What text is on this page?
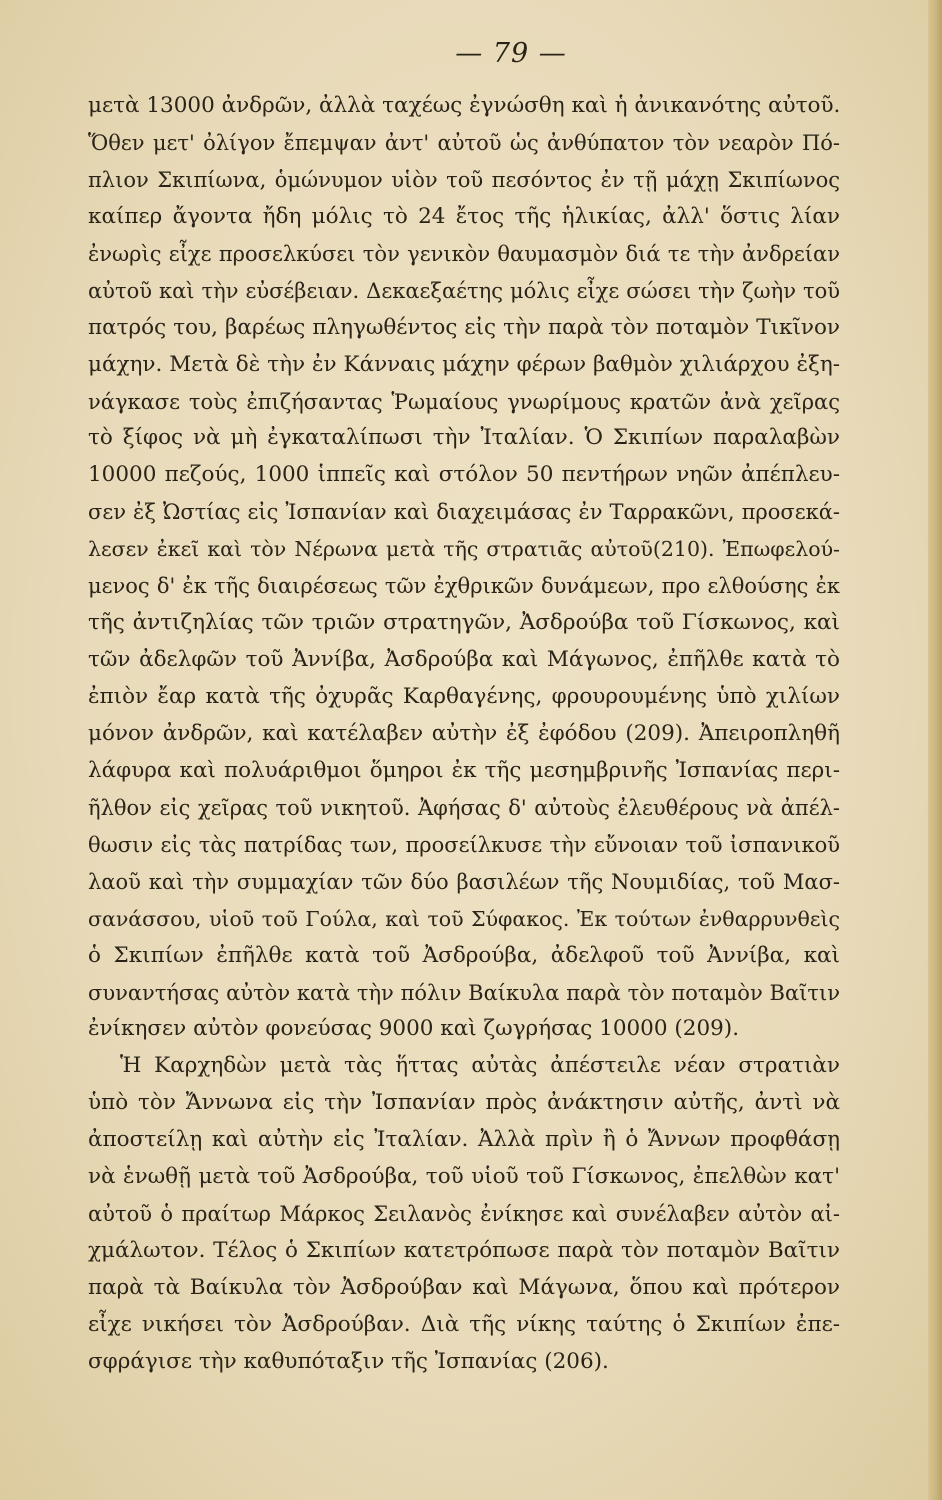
— 79 —
μετὰ 13000 ἀνδρῶν, ἀλλὰ ταχέως ἐγνώσθη καὶ ἡ ἀνικανότης αὐτοῦ.
Ὅθεν μετ' ὀλίγον ἔπεμψαν ἀντ' αὐτοῦ ὡς ἀνθύπατον τὸν νεαρὸν Πό-
πλιον Σκιπίωνα, ὁμώνυμον υἱὸν τοῦ πεσόντος ἐν τῇ μάχῃ Σκιπίωνος
καίπερ ἄγοντα ἤδη μόλις τὸ 24 ἔτος τῆς ἡλικίας, ἀλλ' ὅστις λίαν
ἐνωρὶς εἶχε προσελκύσει τὸν γενικὸν θαυμασμὸν διά τε τὴν ἀνδρείαν
αὐτοῦ καὶ τὴν εὐσέβειαν. Δεκαεξαέτης μόλις εἶχε σώσει τὴν ζωὴν τοῦ
πατρός του, βαρέως πληγωθέντος εἰς τὴν παρὰ τὸν ποταμὸν Τικῖνον
μάχην. Μετὰ δὲ τὴν ἐν Κάνναις μάχην φέρων βαθμὸν χιλιάρχου ἐξη-
νάγκασε τοὺς ἐπιζήσαντας Ῥωμαίους γνωρίμους κρατῶν ἀνὰ χεῖρας
τὸ ξίφος νὰ μὴ ἐγκαταλίπωσι τὴν Ἰταλίαν. Ὁ Σκιπίων παραλαβὼν
10000 πεζούς, 1000 ἱππεῖς καὶ στόλον 50 πεντήρων νηῶν ἀπέπλευ-
σεν ἐξ Ὠστίας εἰς Ἰσπανίαν καὶ διαχειμάσας ἐν Ταρρακῶνι, προσεκά-
λεσεν ἐκεῖ καὶ τὸν Νέρωνα μετὰ τῆς στρατιᾶς αὐτοῦ(210). Ἐπωφελού-
μενος δ' ἐκ τῆς διαιρέσεως τῶν ἐχθρικῶν δυνάμεων, προ ελθούσης ἐκ
τῆς ἀντιζηλίας τῶν τριῶν στρατηγῶν, Ἀσδρούβα τοῦ Γίσκωνος, καὶ
τῶν ἀδελφῶν τοῦ Ἀννίβα, Ἀσδρούβα καὶ Μάγωνος, ἐπῆλθε κατὰ τὸ
ἐπιὸν ἔαρ κατὰ τῆς ὀχυρᾶς Καρθαγένης, φρουρουμένης ὑπὸ χιλίων
μόνον ἀνδρῶν, καὶ κατέλαβεν αὐτὴν ἐξ ἐφόδου (209). Ἀπειροπληθῆ
λάφυρα καὶ πολυάριθμοι ὅμηροι ἐκ τῆς μεσημβρινῆς Ἰσπανίας περι-
ῆλθον εἰς χεῖρας τοῦ νικητοῦ. Ἀφήσας δ' αὐτοὺς ἐλευθέρους νὰ ἀπέλ-
θωσιν εἰς τὰς πατρίδας των, προσείλκυσε τὴν εὔνοιαν τοῦ ἰσπανικοῦ
λαοῦ καὶ τὴν συμμαχίαν τῶν δύο βασιλέων τῆς Νουμιδίας, τοῦ Μασ-
σανάσσου, υἱοῦ τοῦ Γούλα, καὶ τοῦ Σύφακος. Ἐκ τούτων ἐνθαρρυνθεὶς
ὁ Σκιπίων ἐπῆλθε κατὰ τοῦ Ἀσδρούβα, ἀδελφοῦ τοῦ Ἀννίβα, καὶ
συναντήσας αὐτὸν κατὰ τὴν πόλιν Βαίκυλα παρὰ τὸν ποταμὸν Βαῖτιν
ἐνίκησεν αὐτὸν φονεύσας 9000 καὶ ζωγρήσας 10000 (209).
Ἡ Καρχηδὼν μετὰ τὰς ἥττας αὐτὰς ἀπέστειλε νέαν στρατιὰν
ὑπὸ τὸν Ἄννωνα εἰς τὴν Ἰσπανίαν πρὸς ἀνάκτησιν αὐτῆς, ἀντὶ νὰ
ἀποστείλῃ καὶ αὐτὴν εἰς Ἰταλίαν. Ἀλλὰ πρὶν ἢ ὁ Ἄννων προφθάσῃ
νὰ ἑνωθῇ μετὰ τοῦ Ἀσδρούβα, τοῦ υἱοῦ τοῦ Γίσκωνος, ἐπελθὼν κατ'
αὐτοῦ ὁ πραίτωρ Μάρκος Σειλανὸς ἐνίκησε καὶ συνέλαβεν αὐτὸν αἰ-
χμάλωτον. Τέλος ὁ Σκιπίων κατετρόπωσε παρὰ τὸν ποταμὸν Βαῖτιν
παρὰ τὰ Βαίκυλα τὸν Ἀσδρούβαν καὶ Μάγωνα, ὅπου καὶ πρότερον
εἶχε νικήσει τὸν Ἀσδρούβαν. Διὰ τῆς νίκης ταύτης ὁ Σκιπίων ἐπε-
σφράγισε τὴν καθυπόταξιν τῆς Ἰσπανίας (206).
